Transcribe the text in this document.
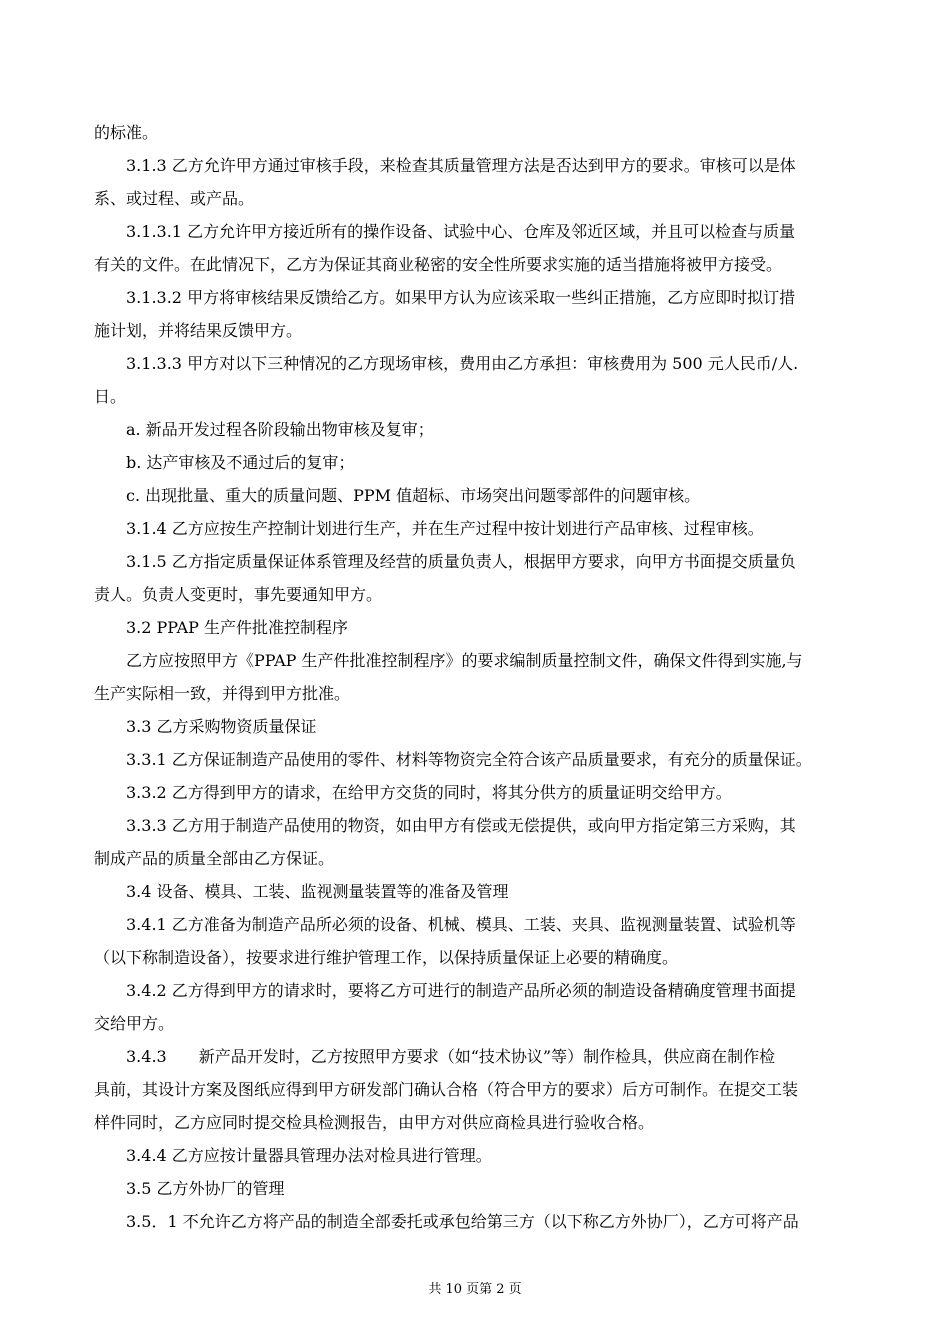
的标准。
3.1.3 乙方允许甲方通过审核手段，来检查其质量管理方法是否达到甲方的要求。审核可以是体
系、或过程、或产品。
3.1.3.1 乙方允许甲方接近所有的操作设备、试验中心、仓库及邻近区域，并且可以检查与质量
有关的文件。在此情况下，乙方为保证其商业秘密的安全性所要求实施的适当措施将被甲方接受。
3.1.3.2 甲方将审核结果反馈给乙方。如果甲方认为应该采取一些纠正措施，乙方应即时拟订措
施计划，并将结果反馈甲方。
3.1.3.3 甲方对以下三种情况的乙方现场审核，费用由乙方承担：审核费用为 500 元人民币/人.
日。
a. 新品开发过程各阶段输出物审核及复审；
b. 达产审核及不通过后的复审；
c. 出现批量、重大的质量问题、PPM 值超标、市场突出问题零部件的问题审核。
3.1.4 乙方应按生产控制计划进行生产，并在生产过程中按计划进行产品审核、过程审核。
3.1.5 乙方指定质量保证体系管理及经营的质量负责人，根据甲方要求，向甲方书面提交质量负
责人。负责人变更时，事先要通知甲方。
3.2 PPAP 生产件批准控制程序
乙方应按照甲方《PPAP 生产件批准控制程序》的要求编制质量控制文件，确保文件得到实施,与
生产实际相一致，并得到甲方批准。
3.3 乙方采购物资质量保证
3.3.1 乙方保证制造产品使用的零件、材料等物资完全符合该产品质量要求，有充分的质量保证。
3.3.2 乙方得到甲方的请求，在给甲方交货的同时，将其分供方的质量证明交给甲方。
3.3.3 乙方用于制造产品使用的物资，如由甲方有偿或无偿提供，或向甲方指定第三方采购，其
制成产品的质量全部由乙方保证。
3.4 设备、模具、工装、监视测量装置等的准备及管理
3.4.1 乙方准备为制造产品所必须的设备、机械、模具、工装、夹具、监视测量装置、试验机等
（以下称制造设备），按要求进行维护管理工作，以保持质量保证上必要的精确度。
3.4.2 乙方得到甲方的请求时，要将乙方可进行的制造产品所必须的制造设备精确度管理书面提
交给甲方。
3.4.3　　新产品开发时，乙方按照甲方要求（如“技术协议”等）制作检具，供应商在制作检
具前，其设计方案及图纸应得到甲方研发部门确认合格（符合甲方的要求）后方可制作。在提交工装
样件同时，乙方应同时提交检具检测报告，由甲方对供应商检具进行验收合格。
3.4.4 乙方应按计量器具管理办法对检具进行管理。
3.5 乙方外协厂的管理
3.5．1 不允许乙方将产品的制造全部委托或承包给第三方（以下称乙方外协厂），乙方可将产品
共 10 页第 2 页
